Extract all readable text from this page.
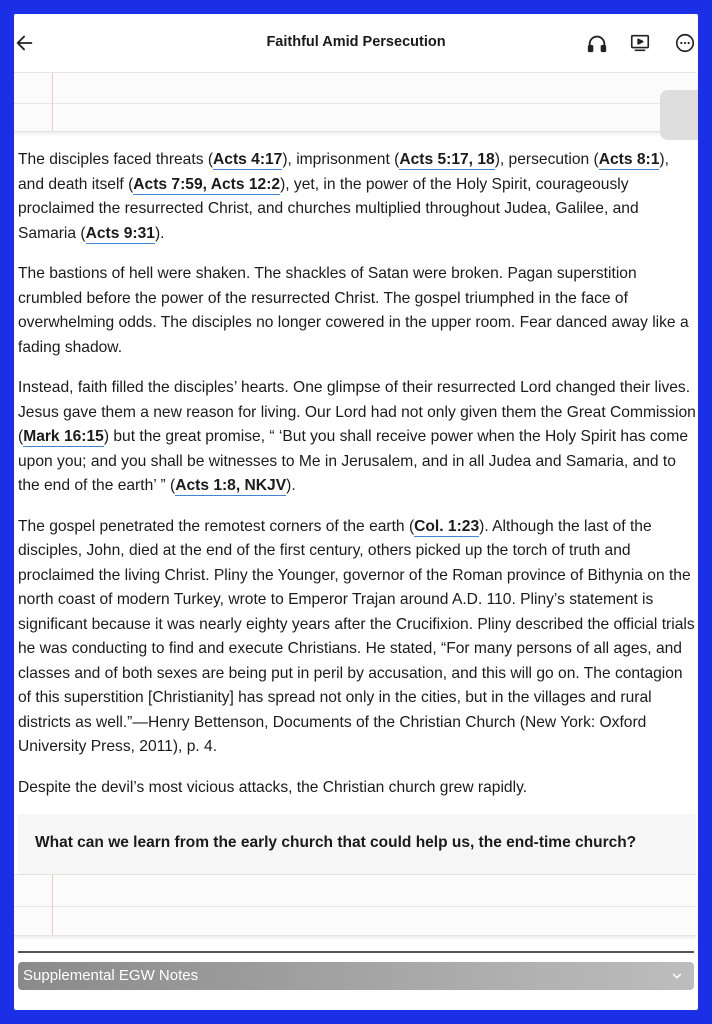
Faithful Amid Persecution

The disciples faced threats (Acts 4:17), imprisonment (Acts 5:17, 18), persecution (Acts 8:1), and death itself (Acts 7:59, Acts 12:2), yet, in the power of the Holy Spirit, courageously proclaimed the resurrected Christ, and churches multiplied throughout Judea, Galilee, and Samaria (Acts 9:31).

The bastions of hell were shaken. The shackles of Satan were broken. Pagan superstition crumbled before the power of the resurrected Christ. The gospel triumphed in the face of overwhelming odds. The disciples no longer cowered in the upper room. Fear danced away like a fading shadow.

Instead, faith filled the disciples’ hearts. One glimpse of their resurrected Lord changed their lives. Jesus gave them a new reason for living. Our Lord had not only given them the Great Commission (Mark 16:15) but the great promise, “ ‘But you shall receive power when the Holy Spirit has come upon you; and you shall be witnesses to Me in Jerusalem, and in all Judea and Samaria, and to the end of the earth’ ” (Acts 1:8, NKJV).

The gospel penetrated the remotest corners of the earth (Col. 1:23). Although the last of the disciples, John, died at the end of the first century, others picked up the torch of truth and proclaimed the living Christ. Pliny the Younger, governor of the Roman province of Bithynia on the north coast of modern Turkey, wrote to Emperor Trajan around A.D. 110. Pliny’s statement is significant because it was nearly eighty years after the Crucifixion. Pliny described the official trials he was conducting to find and execute Christians. He stated, “For many persons of all ages, and classes and of both sexes are being put in peril by accusation, and this will go on. The contagion of this superstition [Christianity] has spread not only in the cities, but in the villages and rural districts as well.”—Henry Bettenson, Documents of the Christian Church (New York: Oxford University Press, 2011), p. 4.

Despite the devil’s most vicious attacks, the Christian church grew rapidly.

What can we learn from the early church that could help us, the end-time church?
Supplemental EGW Notes
